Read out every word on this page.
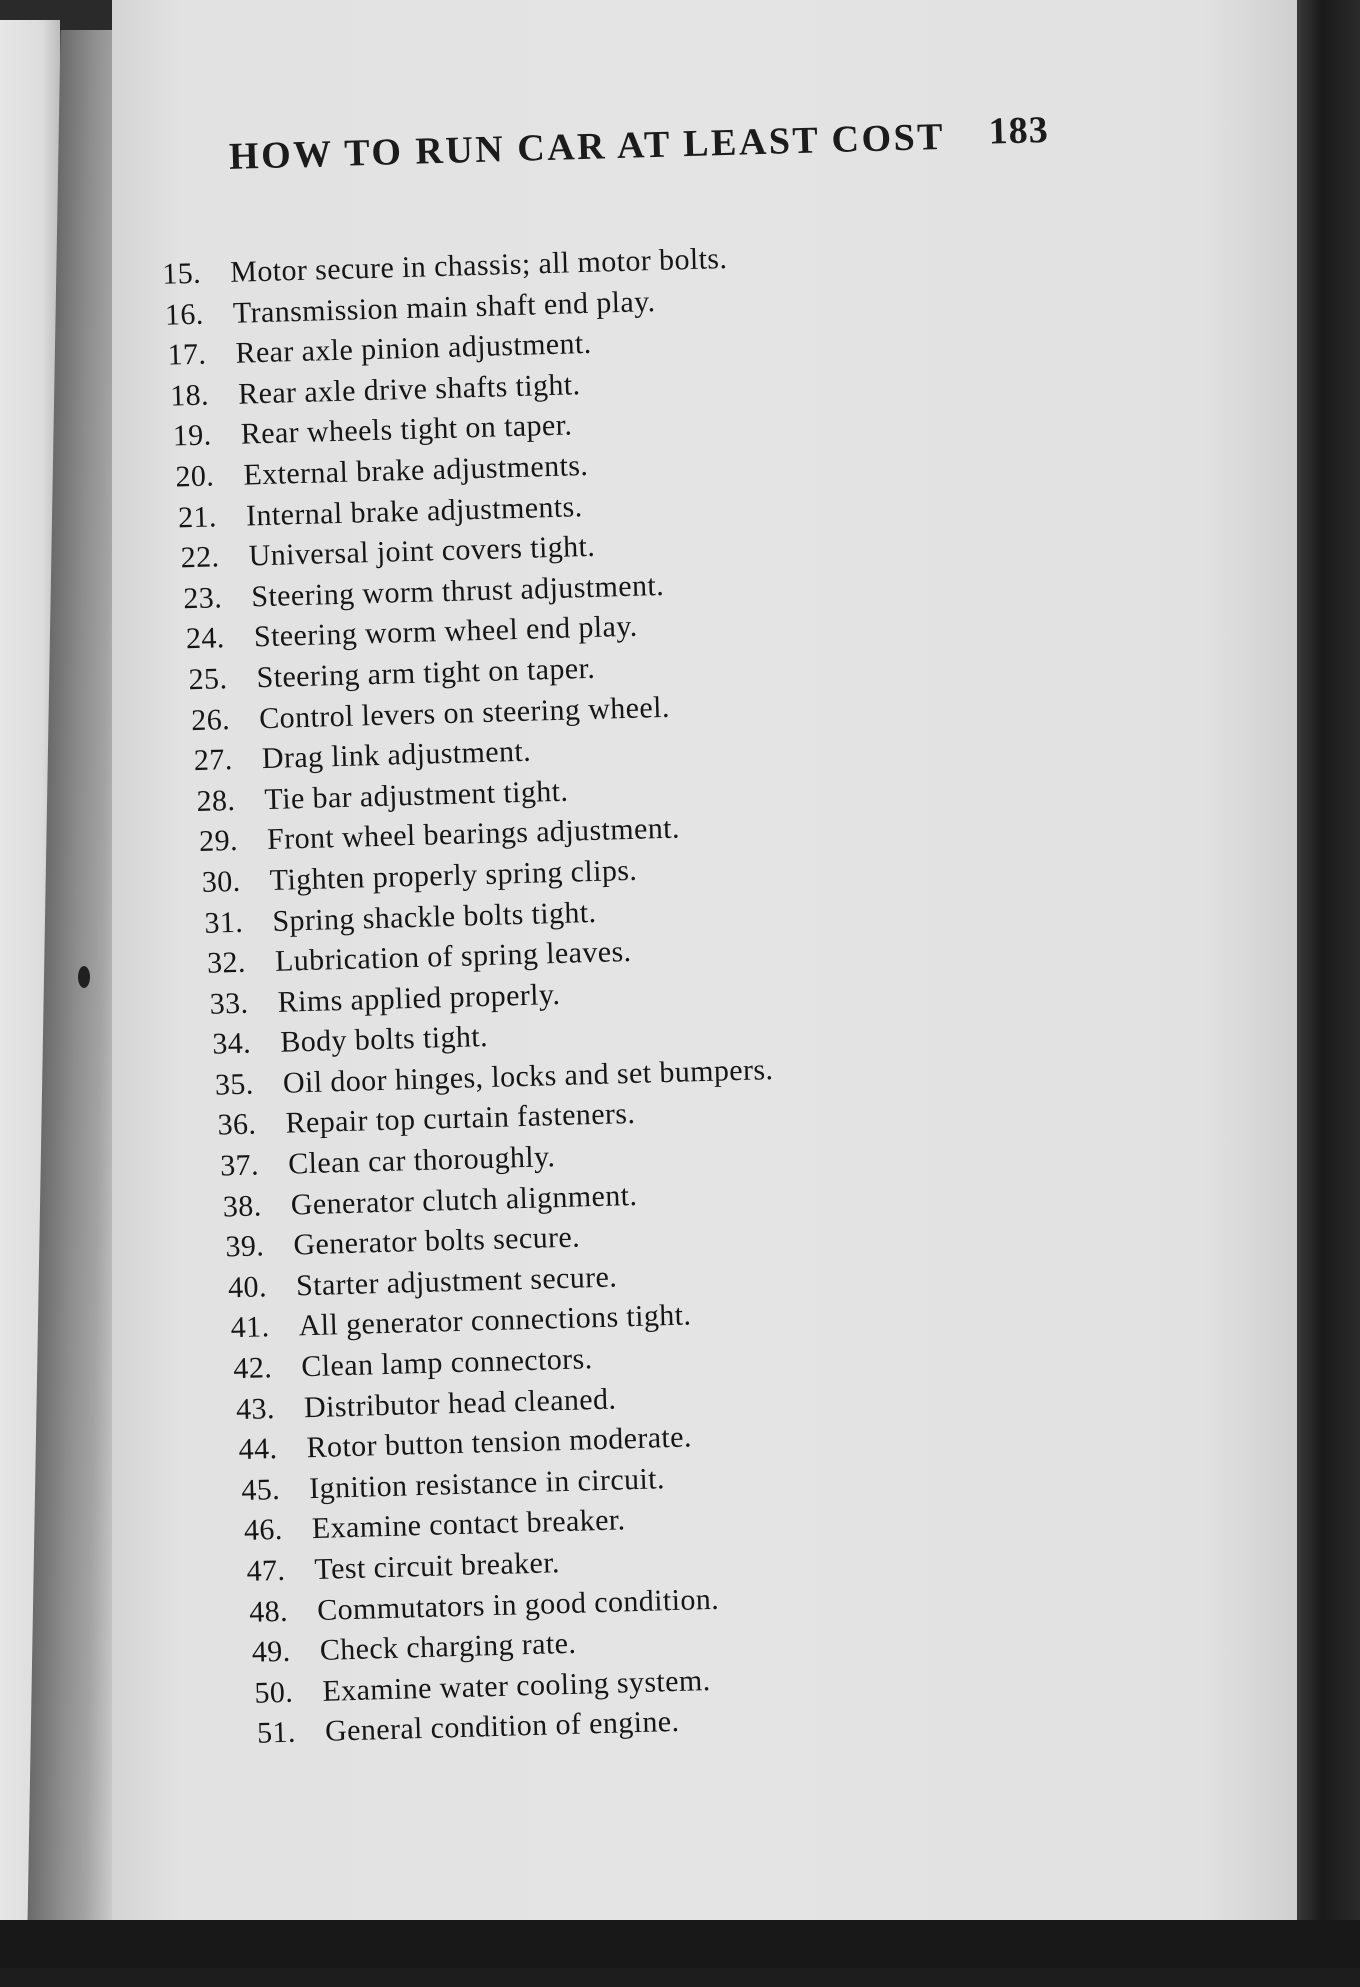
HOW TO RUN CAR AT LEAST COST 183
15. Motor secure in chassis; all motor bolts.
16. Transmission main shaft end play.
17. Rear axle pinion adjustment.
18. Rear axle drive shafts tight.
19. Rear wheels tight on taper.
20. External brake adjustments.
21. Internal brake adjustments.
22. Universal joint covers tight.
23. Steering worm thrust adjustment.
24. Steering worm wheel end play.
25. Steering arm tight on taper.
26. Control levers on steering wheel.
27. Drag link adjustment.
28. Tie bar adjustment tight.
29. Front wheel bearings adjustment.
30. Tighten properly spring clips.
31. Spring shackle bolts tight.
32. Lubrication of spring leaves.
33. Rims applied properly.
34. Body bolts tight.
35. Oil door hinges, locks and set bumpers.
36. Repair top curtain fasteners.
37. Clean car thoroughly.
38. Generator clutch alignment.
39. Generator bolts secure.
40. Starter adjustment secure.
41. All generator connections tight.
42. Clean lamp connectors.
43. Distributor head cleaned.
44. Rotor button tension moderate.
45. Ignition resistance in circuit.
46. Examine contact breaker.
47. Test circuit breaker.
48. Commutators in good condition.
49. Check charging rate.
50. Examine water cooling system.
51. General condition of engine.
